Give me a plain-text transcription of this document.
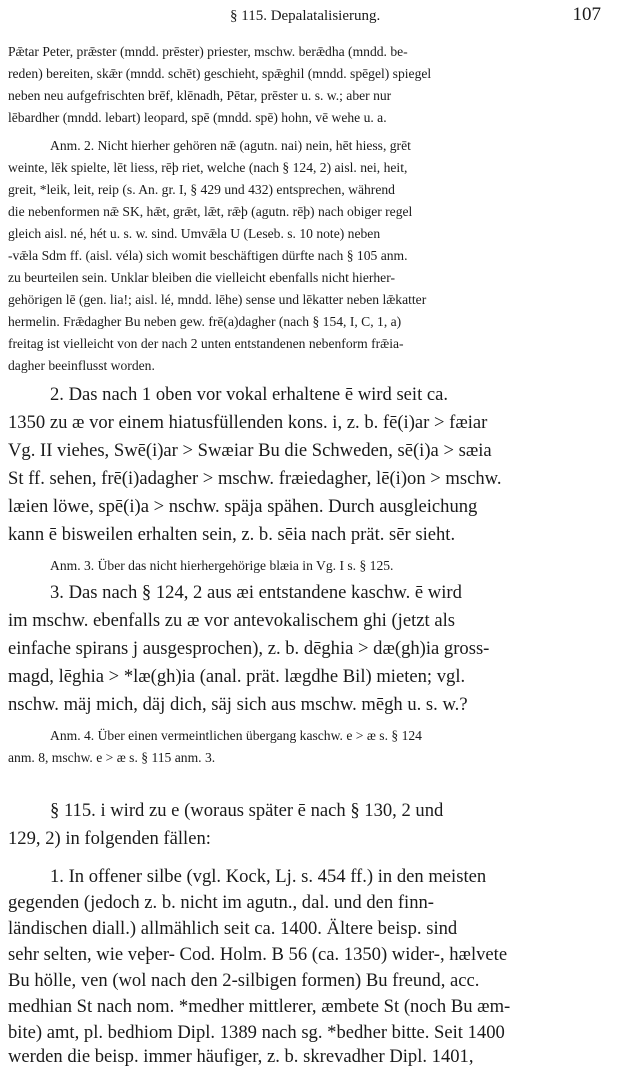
§ 115. Depalatalisierung.	107
Pǣtar Peter, prǣster (mndd. prēster) priester, mschw. berǣdha (mndd. be-
reden) bereiten, skǣr (mndd. schēt) geschieht, spǣghil (mndd. spēgel) spiegel
neben neu aufgefrischten brēf, klēnadh, Pētar, prēster u. s. w.; aber nur
lēbardher (mndd. lebart) leopard, spē (mndd. spē) hohn, vē wehe u. a.
Anm. 2. Nicht hierher gehören nǣ (agutn. nai) nein, hēt hiess, grēt
weinte, lēk spielte, lēt liess, rēþ riet, welche (nach § 124, 2) aisl. nei, heit,
greit, *leik, leit, reip (s. An. gr. I, § 429 und 432) entsprechen, während
die nebenformen nǣ SK, hǣt, grǣt, lǣt, rǣþ (agutn. rēþ) nach obiger regel
gleich aisl. né, hét u. s. w. sind. Umvǣla U (Leseb. s. 10 note) neben
-vǣla Sdm ff. (aisl. véla) sich womit beschäftigen dürfte nach § 105 anm.
zu beurteilen sein. Unklar bleiben die vielleicht ebenfalls nicht hierher-
gehörigen lē (gen. lia!; aisl. lé, mndd. lēhe) sense und lēkatter neben lǣkatter
hermelin. Frǣdagher Bu neben gew. frē(a)dagher (nach § 154, I, C, 1, a)
freitag ist vielleicht von der nach 2 unten entstandenen nebenform frǣia-
dagher beeinflusst worden.
2. Das nach 1 oben vor vokal erhaltene ē wird seit ca.
1350 zu æ vor einem hiatusfüllenden kons. i, z. b. fē(i)ar > fæiar
Vg. II viehes, Swē(i)ar > Swæiar Bu die Schweden, sē(i)a > sæia
St ff. sehen, frē(i)adagher > mschw. fræiedagher, lē(i)on > mschw.
læien löwe, spē(i)a > nschw. späja spähen. Durch ausgleichung
kann ē bisweilen erhalten sein, z. b. sēia nach prät. sēr sieht.
Anm. 3. Über das nicht hierhergehörige blæia in Vg. I s. § 125.
3. Das nach § 124, 2 aus æi entstandene kaschw. ē wird
im mschw. ebenfalls zu æ vor antevokalischem ghi (jetzt als
einfache spirans j ausgesprochen), z. b. dēghia > dæ(gh)ia gross-
magd, lēghia > *læ(gh)ia (anal. prät. lægdhe Bil) mieten; vgl.
nschw. mäj mich, däj dich, säj sich aus mschw. mēgh u. s. w.?
Anm. 4. Über einen vermeintlichen übergang kaschw. e > æ s. § 124
anm. 8, mschw. e > æ s. § 115 anm. 3.
§ 115. i wird zu e (woraus später ē nach § 130, 2 und
129, 2) in folgenden fällen:
1. In offener silbe (vgl. Kock, Lj. s. 454 ff.) in den meisten
gegenden (jedoch z. b. nicht im agutn., dal. und den finn-
ländischen diall.) allmählich seit ca. 1400. Ältere beisp. sind
sehr selten, wie veþer- Cod. Holm. B 56 (ca. 1350) wider-, hælvete
Bu hölle, ven (wol nach den 2-silbigen formen) Bu freund, acc.
medhian St nach nom. *medher mittlerer, æmbete St (noch Bu æm-
bite) amt, pl. bedhiom Dipl. 1389 nach sg. *bedher bitte. Seit 1400
werden die beisp. immer häufiger, z. b. skrevadher Dipl. 1401,
